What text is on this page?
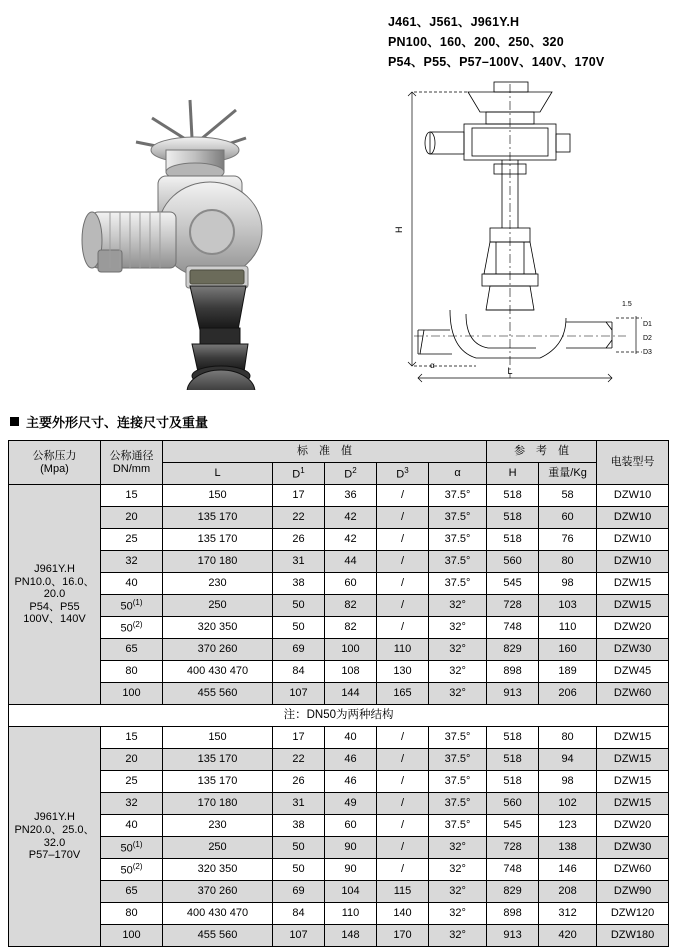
J461、J561、J961Y.H
PN100、160、200、250、320
P54、P55、P57–100V、140V、170V
H
L
1.5
D1
D2
D3
α
主要外形尺寸、连接尺寸及重量
公称压力
(Mpa)

公称通径
DN/mm
	标　准　值	参　考　值	电装型号
		L	$D^1$	$D^2$	$D^3$	α	H	重量/Kg	

J961Y.H
PN10.0、16.0、20.0
P54、P55
100V、140V	15	150	17	36	/	37.5°	518	58	DZW10
	20	135 170	22	42	/	37.5°	518	60	DZW10
	25	135 170	26	42	/	37.5°	518	76	DZW10
	32	170 180	31	44	/	37.5°	560	80	DZW10
	40	230	38	60	/	37.5°	545	98	DZW15
	50$^{(1)}$	250	50	82	/	32°	728	103	DZW15
	50$^{(2)}$	320 350	50	82	/	32°	748	110	DZW20
	65	370 260	69	100	110	32°	829	160	DZW30
	80	400 430 470	84	108	130	32°	898	189	DZW45
	100	455 560	107	144	165	32°	913	206	DZW60
注：DN50为两种结构									

J961Y.H
PN20.0、25.0、32.0
P57–170V	15	150	17	40	/	37.5°	518	80	DZW15
	20	135 170	22	46	/	37.5°	518	94	DZW15
	25	135 170	26	46	/	37.5°	518	98	DZW15
	32	170 180	31	49	/	37.5°	560	102	DZW15
	40	230	38	60	/	37.5°	545	123	DZW20
	50$^{(1)}$	250	50	90	/	32°	728	138	DZW30
	50$^{(2)}$	320 350	50	90	/	32°	748	146	DZW60
	65	370 260	69	104	115	32°	829	208	DZW90
	80	400 430 470	84	110	140	32°	898	312	DZW120
	100	455 560	107	148	170	32°	913	420	DZW180
